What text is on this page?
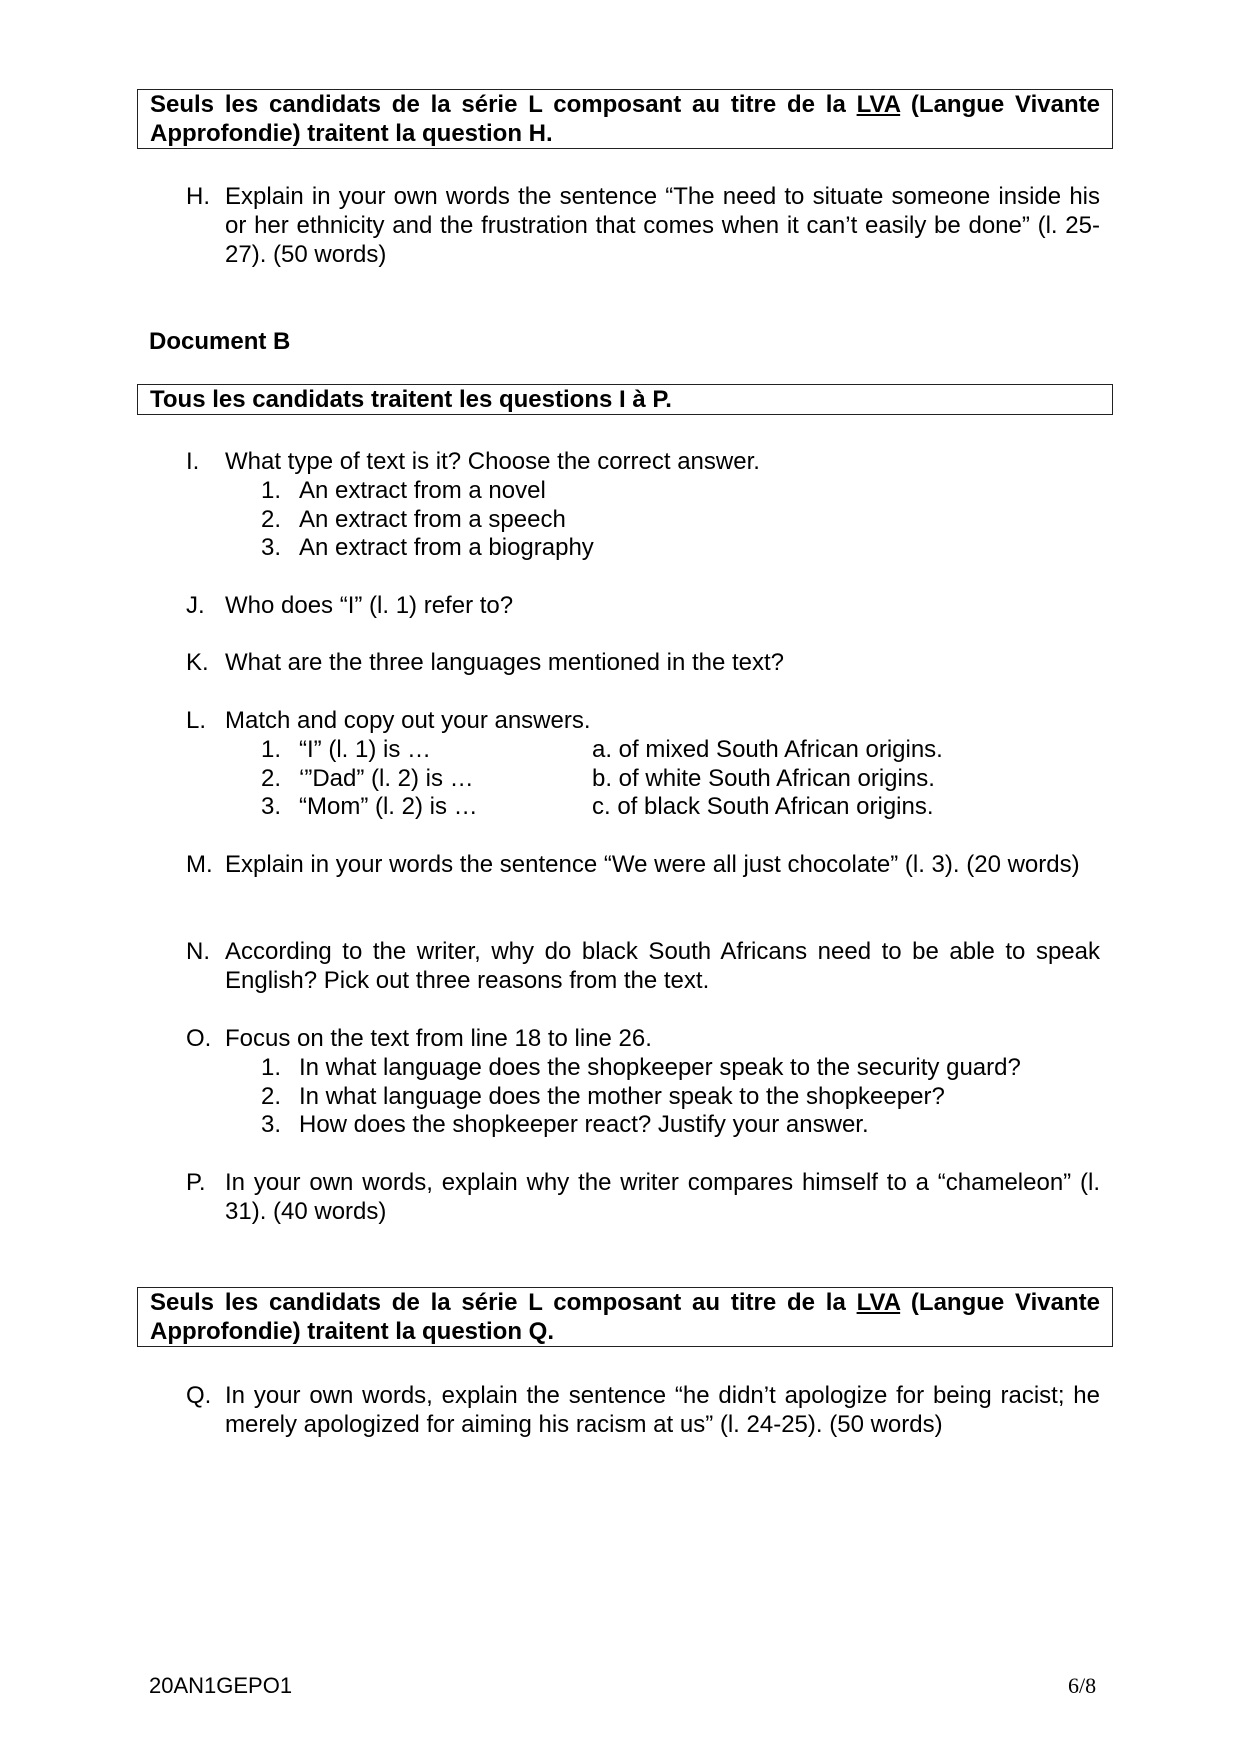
Seuls les candidats de la série L composant au titre de la LVA (Langue Vivante Approfondie) traitent la question H.
H. Explain in your own words the sentence “The need to situate someone inside his or her ethnicity and the frustration that comes when it can’t easily be done” (l. 25-27). (50 words)
Document B
Tous les candidats traitent les questions I à P.
I. What type of text is it? Choose the correct answer.
1. An extract from a novel
2. An extract from a speech
3. An extract from a biography
J. Who does “I” (l. 1) refer to?
K. What are the three languages mentioned in the text?
L. Match and copy out your answers.
1. “I” (l. 1) is …
2. ‘”Dad” (l. 2) is …
3. “Mom” (l. 2) is …
a. of mixed South African origins.
b. of white South African origins.
c. of black South African origins.
M. Explain in your words the sentence “We were all just chocolate” (l. 3). (20 words)
N. According to the writer, why do black South Africans need to be able to speak English? Pick out three reasons from the text.
O. Focus on the text from line 18 to line 26.
1. In what language does the shopkeeper speak to the security guard?
2. In what language does the mother speak to the shopkeeper?
3. How does the shopkeeper react? Justify your answer.
P. In your own words, explain why the writer compares himself to a “chameleon” (l. 31). (40 words)
Seuls les candidats de la série L composant au titre de la LVA (Langue Vivante Approfondie) traitent la question Q.
Q. In your own words, explain the sentence “he didn’t apologize for being racist; he merely apologized for aiming his racism at us” (l. 24-25). (50 words)
20AN1GEPO1	6/8
